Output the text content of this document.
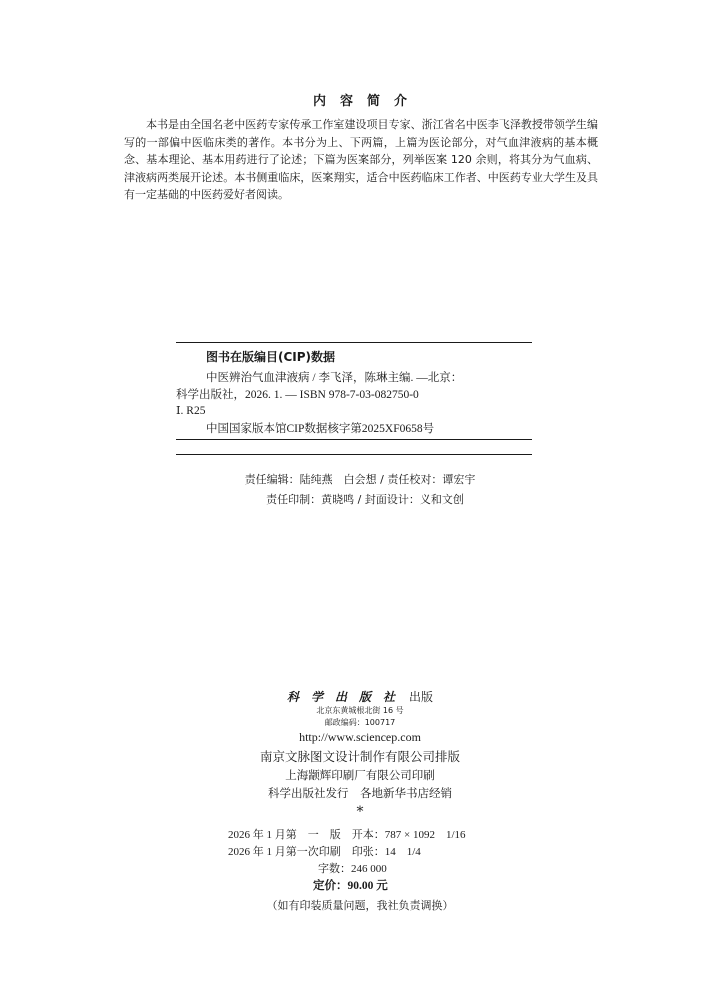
内容简介
本书是由全国名老中医药专家传承工作室建设项目专家、浙江省名中医李飞泽教授带领学生编写的一部偏中医临床类的著作。本书分为上、下两篇，上篇为医论部分，对气血津液病的基本概念、基本理论、基本用药进行了论述；下篇为医案部分，列举医案 120 余则，将其分为气血病、津液病两类展开论述。本书侧重临床，医案翔实，适合中医药临床工作者、中医药专业大学生及具有一定基础的中医药爱好者阅读。
图书在版编目(CIP)数据
中医辨治气血津液病 / 李飞泽，陈琳主编. —北京：
科学出版社，2026. 1. — ISBN 978-7-03-082750-0
Ⅰ. R25
中国国家版本馆CIP数据核字第2025XF0658号
责任编辑：陆纯燕　白会想 / 责任校对：谭宏宇
责任印制：黄晓鸣 / 封面设计：义和文创
科学出版社 出版
北京东黄城根北街 16 号
邮政编码：100717
http://www.sciencep.com
南京文脉图文设计制作有限公司排版
上海颛辉印刷厂有限公司印刷
科学出版社发行　各地新华书店经销
*
2026 年 1 月第　一　版　开本：787 × 1092　1/16
2026 年 1 月第一次印刷　印张：14　1/4
字数：246 000
定价：90.00 元
（如有印装质量问题，我社负责调换）
